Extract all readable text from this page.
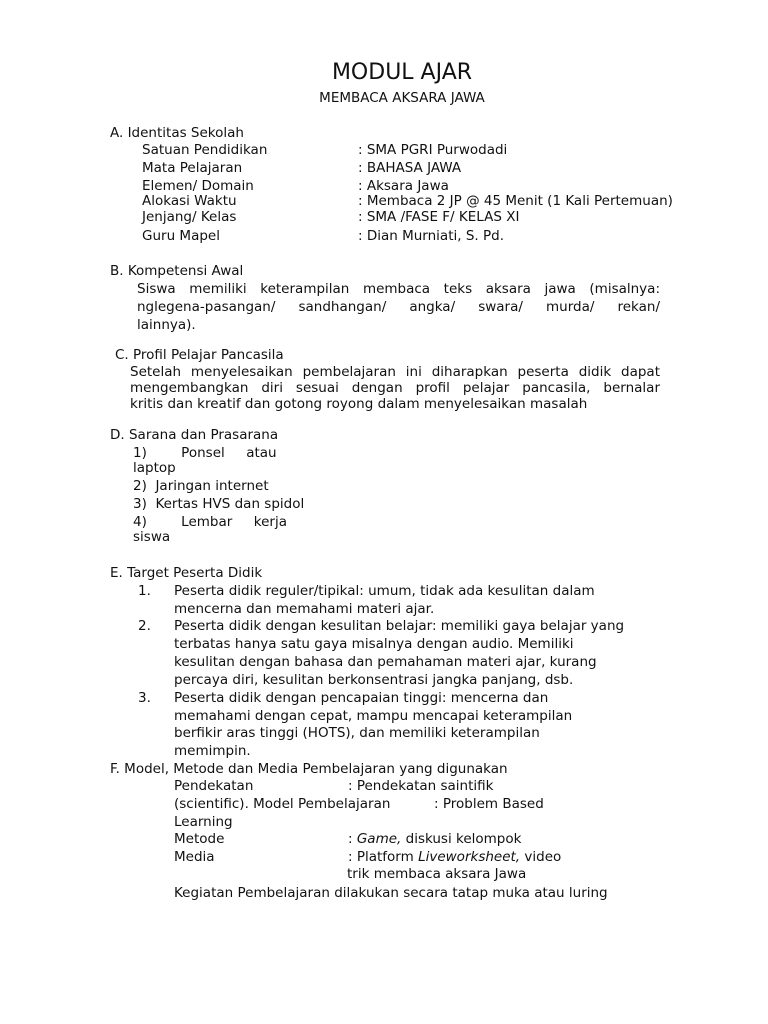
MODUL AJAR
MEMBACA AKSARA JAWA
A. Identitas Sekolah
Satuan Pendidikan	: SMA PGRI Purwodadi
Mata Pelajaran	: BAHASA JAWA
Elemen/ Domain	: Aksara Jawa
Alokasi Waktu	: Membaca 2 JP @ 45 Menit (1 Kali Pertemuan)
Jenjang/ Kelas	: SMA /FASE F/ KELAS XI
Guru Mapel	: Dian Murniati, S. Pd.
B. Kompetensi Awal
Siswa memiliki keterampilan membaca teks aksara jawa (misalnya:
nglegena-pasangan/ sandhangan/ angka/ swara/ murda/ rekan/
lainnya).
C. Profil Pelajar Pancasila
Setelah menyelesaikan pembelajaran ini diharapkan peserta didik dapat
mengembangkan diri sesuai dengan profil pelajar pancasila, bernalar
kritis dan kreatif dan gotong royong dalam menyelesaikan masalah
D. Sarana dan Prasarana
1)        Ponsel     atau
laptop
2)  Jaringan internet
3)  Kertas HVS dan spidol
4)        Lembar     kerja
siswa
E. Target Peserta Didik
1. Peserta didik reguler/tipikal: umum, tidak ada kesulitan dalam
mencerna dan memahami materi ajar.
2. Peserta didik dengan kesulitan belajar: memiliki gaya belajar yang
terbatas hanya satu gaya misalnya dengan audio. Memiliki
kesulitan dengan bahasa dan pemahaman materi ajar, kurang
percaya diri, kesulitan berkonsentrasi jangka panjang, dsb.
3. Peserta didik dengan pencapaian tinggi: mencerna dan
memahami dengan cepat, mampu mencapai keterampilan
berfikir aras tinggi (HOTS), dan memiliki keterampilan
memimpin.
F. Model, Metode dan Media Pembelajaran yang digunakan
Pendekatan	: Pendekatan saintifik
(scientific). Model Pembelajaran	: Problem Based
Learning
Metode	: Game, diskusi kelompok
Media	: Platform Liveworksheet, video
trik membaca aksara Jawa
Kegiatan Pembelajaran dilakukan secara tatap muka atau luring
